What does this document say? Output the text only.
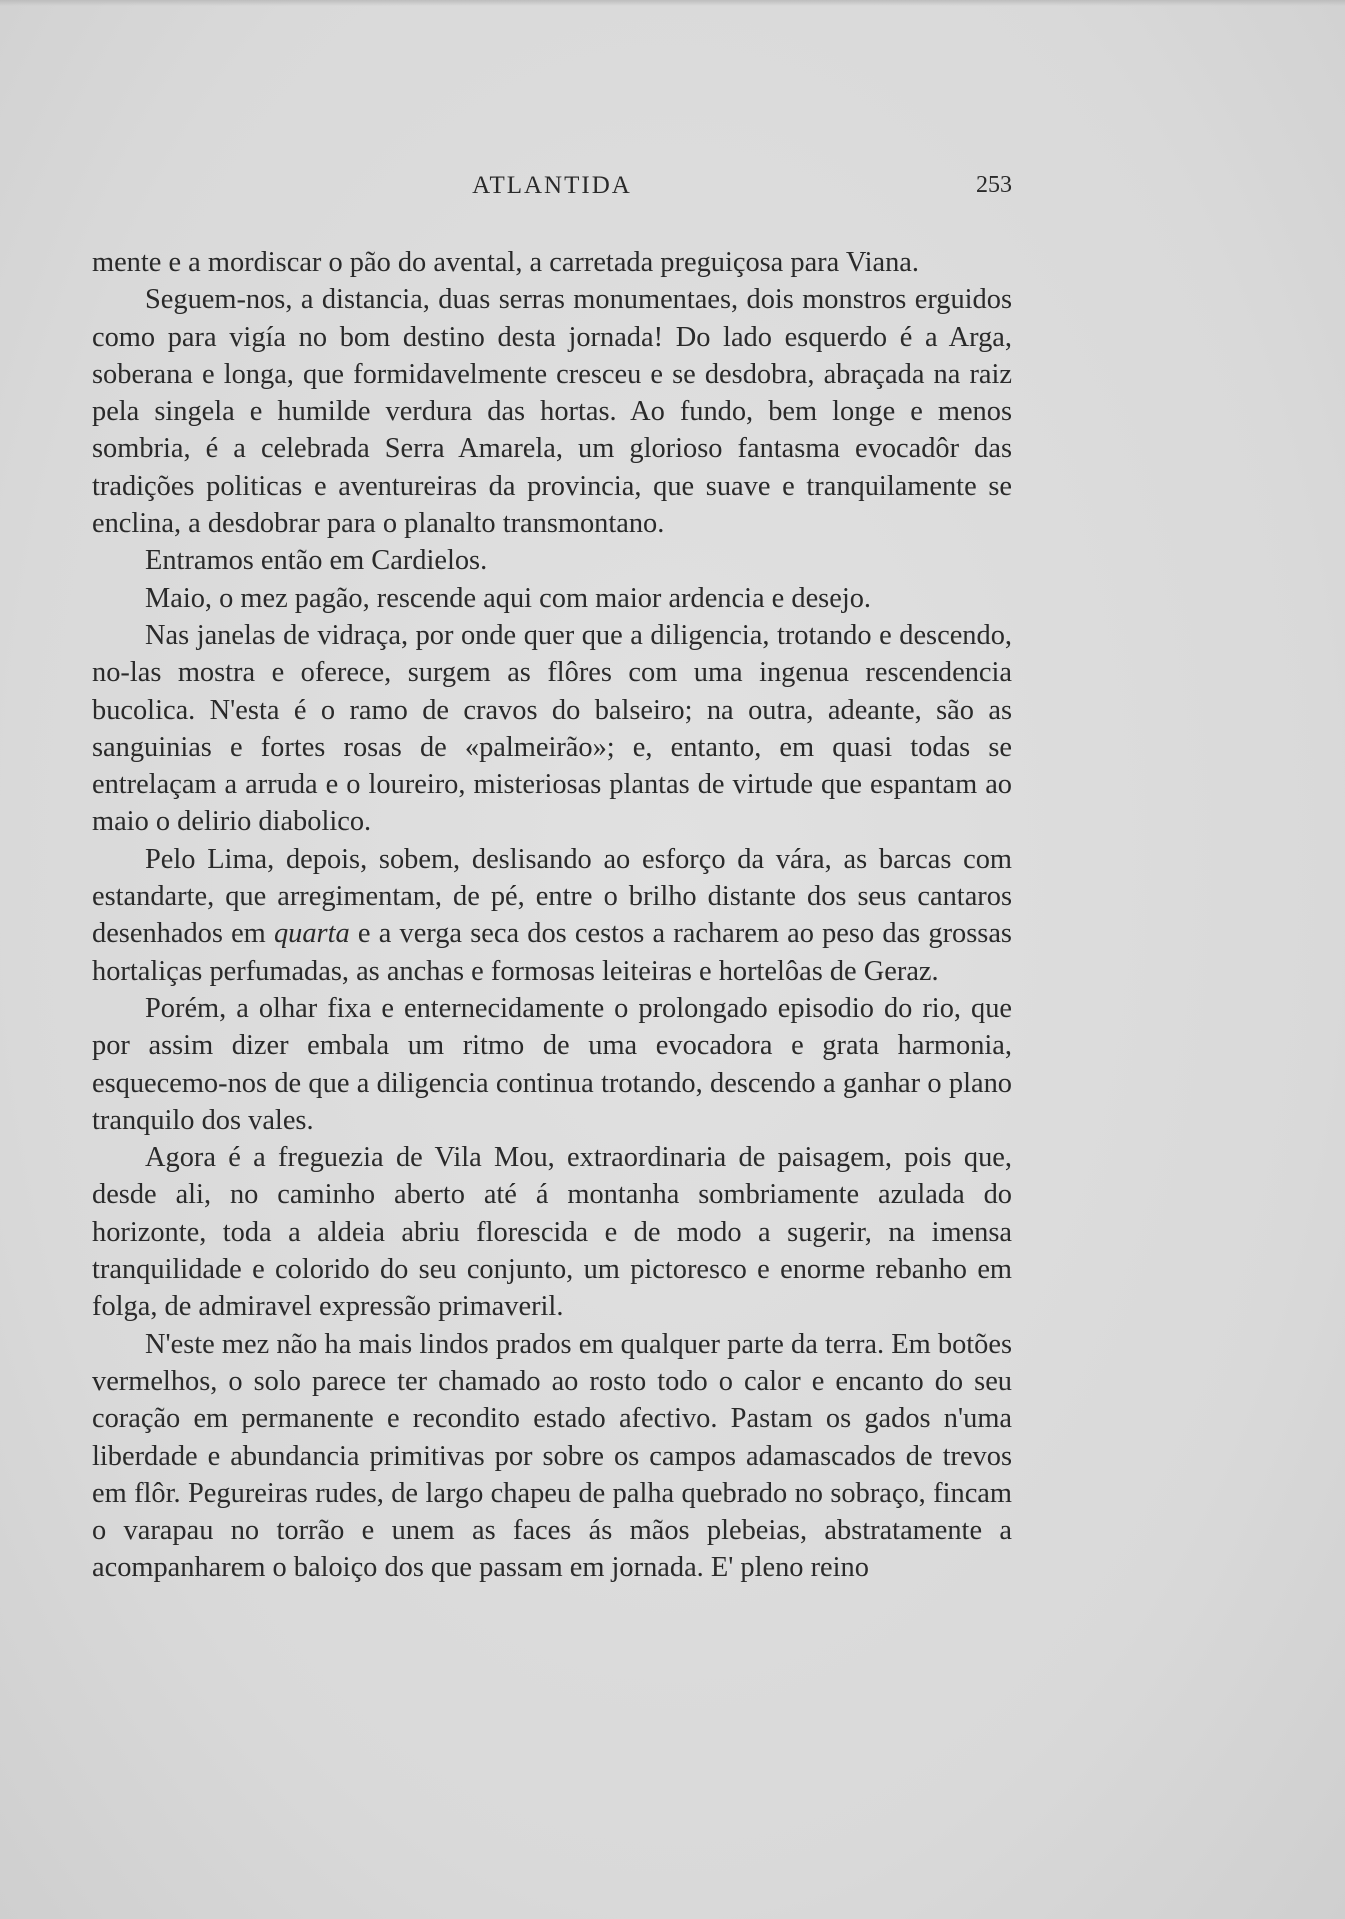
ATLANTIDA	253

mente e a mordiscar o pão do avental, a carretada preguiçosa para Viana.

Seguem-nos, a distancia, duas serras monumentaes, dois monstros erguidos como para vigía no bom destino desta jornada! Do lado esquerdo é a Arga, soberana e longa, que formidavelmente cresceu e se desdobra, abraçada na raiz pela singela e humilde verdura das hortas. Ao fundo, bem longe e menos sombria, é a celebrada Serra Amarela, um glorioso fantasma evocadôr das tradições politicas e aventureiras da provincia, que suave e tranquilamente se enclina, a desdobrar para o planalto transmontano.

Entramos então em Cardielos.

Maio, o mez pagão, rescende aqui com maior ardencia e desejo.

Nas janelas de vidraça, por onde quer que a diligencia, trotando e descendo, no-las mostra e oferece, surgem as flôres com uma ingenua rescendencia bucolica. N'esta é o ramo de cravos do balseiro; na outra, adeante, são as sanguinias e fortes rosas de «palmeirão»; e, entanto, em quasi todas se entrelaçam a arruda e o loureiro, misteriosas plantas de virtude que espantam ao maio o delirio diabolico.

Pelo Lima, depois, sobem, deslisando ao esforço da vára, as barcas com estandarte, que arregimentam, de pé, entre o brilho distante dos seus cantaros desenhados em quarta e a verga seca dos cestos a racharem ao peso das grossas hortaliças perfumadas, as anchas e formosas leiteiras e hortelôas de Geraz.

Porém, a olhar fixa e enternecidamente o prolongado episodio do rio, que por assim dizer embala um ritmo de uma evocadora e grata harmonia, esquecemo-nos de que a diligencia continua trotando, descendo a ganhar o plano tranquilo dos vales.

Agora é a freguezia de Vila Mou, extraordinaria de paisagem, pois que, desde ali, no caminho aberto até á montanha sombriamente azulada do horizonte, toda a aldeia abriu florescida e de modo a sugerir, na imensa tranquilidade e colorido do seu conjunto, um pictoresco e enorme rebanho em folga, de admiravel expressão primaveril.

N'este mez não ha mais lindos prados em qualquer parte da terra. Em botões vermelhos, o solo parece ter chamado ao rosto todo o calor e encanto do seu coração em permanente e recondito estado afectivo. Pastam os gados n'uma liberdade e abundancia primitivas por sobre os campos adamascados de trevos em flôr. Pegureiras rudes, de largo chapeu de palha quebrado no sobraço, fincam o varapau no torrão e unem as faces ás mãos plebeias, abstratamente a acompanharem o baloiço dos que passam em jornada. E' pleno reino
